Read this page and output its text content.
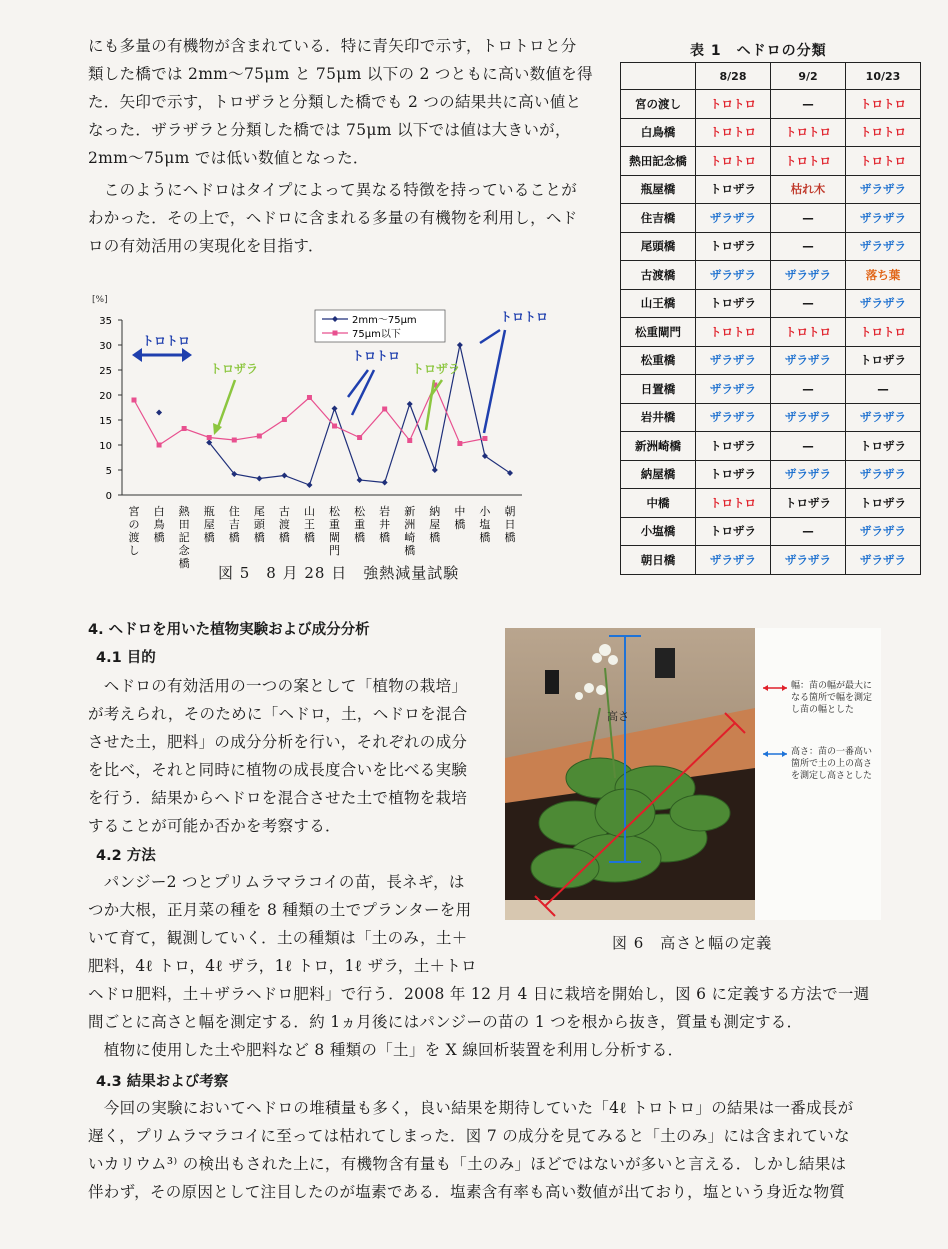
にも多量の有機物が含まれている．特に青矢印で示す，トロトロと分
類した橋では 2mm〜75μm と 75μm 以下の 2 つともに高い数値を得
た．矢印で示す，トロザラと分類した橋でも 2 つの結果共に高い値と
なった．ザラザラと分類した橋では 75μm 以下では値は大きいが，
2mm〜75μm では低い数値となった．
　このようにヘドロはタイプによって異なる特徴を持っていることが
わかった．その上で，ヘドロに含まれる多量の有機物を利用し，ヘド
ロの有効活用の実現化を目指す．
表 1　ヘドロの分類
	8/28	9/2	10/23
宮の渡し	トロトロ	—	トロトロ
白鳥橋	トロトロ	トロトロ	トロトロ
熱田記念橋	トロトロ	トロトロ	トロトロ
瓶屋橋	トロザラ	枯れ木	ザラザラ
住吉橋	ザラザラ	—	ザラザラ
尾頭橋	トロザラ	—	ザラザラ
古渡橋	ザラザラ	ザラザラ	落ち葉
山王橋	トロザラ	—	ザラザラ
松重閘門	トロトロ	トロトロ	トロトロ
松重橋	ザラザラ	ザラザラ	トロザラ
日置橋	ザラザラ	—	—
岩井橋	ザラザラ	ザラザラ	ザラザラ
新洲崎橋	トロザラ	—	トロザラ
納屋橋	トロザラ	ザラザラ	ザラザラ
中橋	トロトロ	トロザラ	トロザラ
小塩橋	トロザラ	—	ザラザラ
朝日橋	ザラザラ	ザラザラ	ザラザラ
[%]
0
5
10
15
20
25
30
35
宮
の
渡
し
白
鳥
橋
熱
田
記
念
橋
瓶
屋
橋
住
吉
橋
尾
頭
橋
古
渡
橋
山
王
橋
松
重
閘
門
松
重
橋
岩
井
橋
新
洲
崎
橋
納
屋
橋
中
橋
小
塩
橋
朝
日
橋
2mm〜75μm
75μm以下
トロトロ
トロザラ
トロトロ
トロザラ
トロトロ
図 5　8 月 28 日　強熱減量試験
4. ヘドロを用いた植物実験および成分分析
4.1 目的
　ヘドロの有効活用の一つの案として「植物の栽培」
が考えられ，そのために「ヘドロ，土，ヘドロを混合
させた土，肥料」の成分分析を行い，それぞれの成分
を比べ，それと同時に植物の成長度合いを比べる実験
を行う．結果からヘドロを混合させた土で植物を栽培
することが可能か否かを考察する．
4.2 方法
　パンジー2 つとプリムラマラコイの苗，長ネギ，は
つか大根，正月菜の種を 8 種類の土でプランターを用
いて育て，観測していく．土の種類は「土のみ，土＋
肥料，4ℓ トロ，4ℓ ザラ，1ℓ トロ，1ℓ ザラ，土＋トロ
ヘドロ肥料，土＋ザラヘドロ肥料」で行う．2008 年 12 月 4 日に栽培を開始し，図 6 に定義する方法で一週
間ごとに高さと幅を測定する．約 1ヵ月後にはパンジーの苗の 1 つを根から抜き，質量も測定する．
　植物に使用した土や肥料など 8 種類の「土」を X 線回析装置を利用し分析する．
4.3 結果および考察
　今回の実験においてヘドロの堆積量も多く，良い結果を期待していた「4ℓ トロトロ」の結果は一番成長が
遅く，プリムラマラコイに至っては枯れてしまった．図 7 の成分を見てみると「土のみ」には含まれていな
いカリウム³⁾ の検出もされた上に，有機物含有量も「土のみ」ほどではないが多いと言える．しかし結果は
伴わず，その原因として注目したのが塩素である．塩素含有率も高い数値が出ており，塩という身近な物質
高さ
幅：苗の幅が最大になる箇所で幅を測定し苗の幅とした
高さ：苗の一番高い箇所で土の上の高さを測定し高さとした
図 6　高さと幅の定義
